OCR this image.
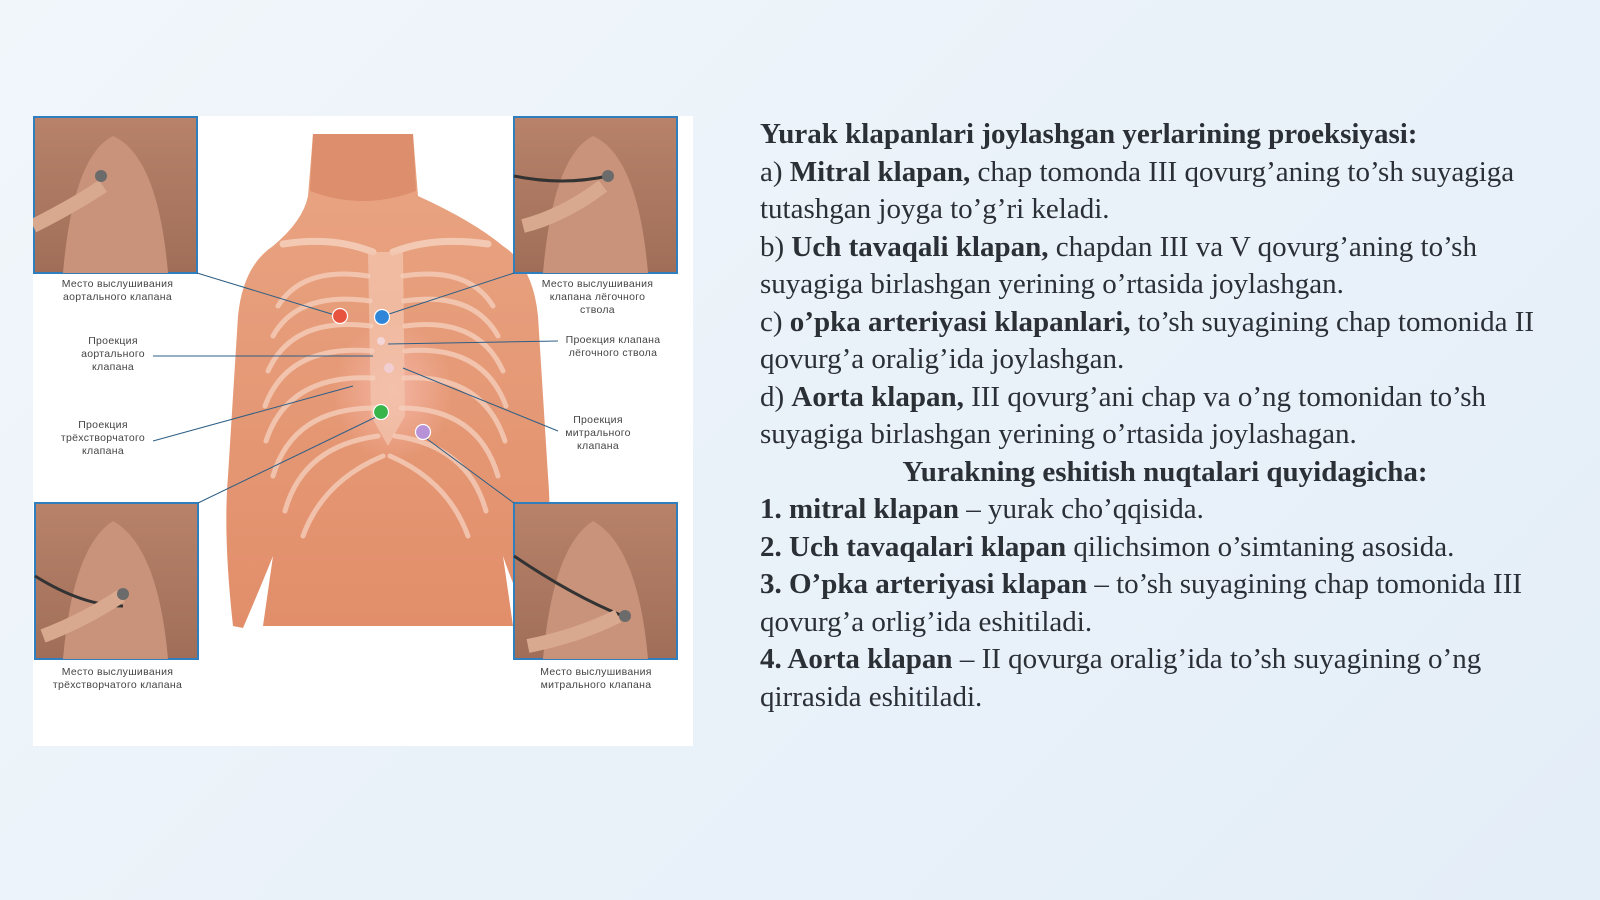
Место выслушивания
аортального клапана
Место выслушивания
клапана лёгочного
ствола
Проекция
аортального
клапана
Проекция клапана
лёгочного ствола
Проекция
трёхстворчатого
клапана
Проекция
митрального
клапана
Место выслушивания
трёхстворчатого клапана
Место выслушивания
митрального клапана

Yurak klapanlari joylashgan yerlarining proeksiyasi:

a) Mitral klapan, chap tomonda III qovurg’aning to’sh suyagiga tutashgan joyga to’g’ri keladi.

b) Uch tavaqali klapan, chapdan III va V qovurg’aning to’sh suyagiga birlashgan yerining o’rtasida joylashgan.

c) o’pka arteriyasi klapanlari, to’sh suyagining chap tomonida II qovurg’a oralig’ida joylashgan.

d) Aorta klapan, III qovurg’ani chap va o’ng tomonidan to’sh suyagiga birlashgan yerining o’rtasida joylashagan.

Yurakning eshitish nuqtalari quyidagicha:

1. mitral klapan – yurak cho’qqisida.

2. Uch tavaqalari klapan qilichsimon o’simtaning asosida.

3. O’pka arteriyasi klapan – to’sh suyagining chap tomonida III qovurg’a orlig’ida eshitiladi.

4. Aorta klapan – II qovurga oralig’ida to’sh suyagining o’ng qirrasida eshitiladi.
